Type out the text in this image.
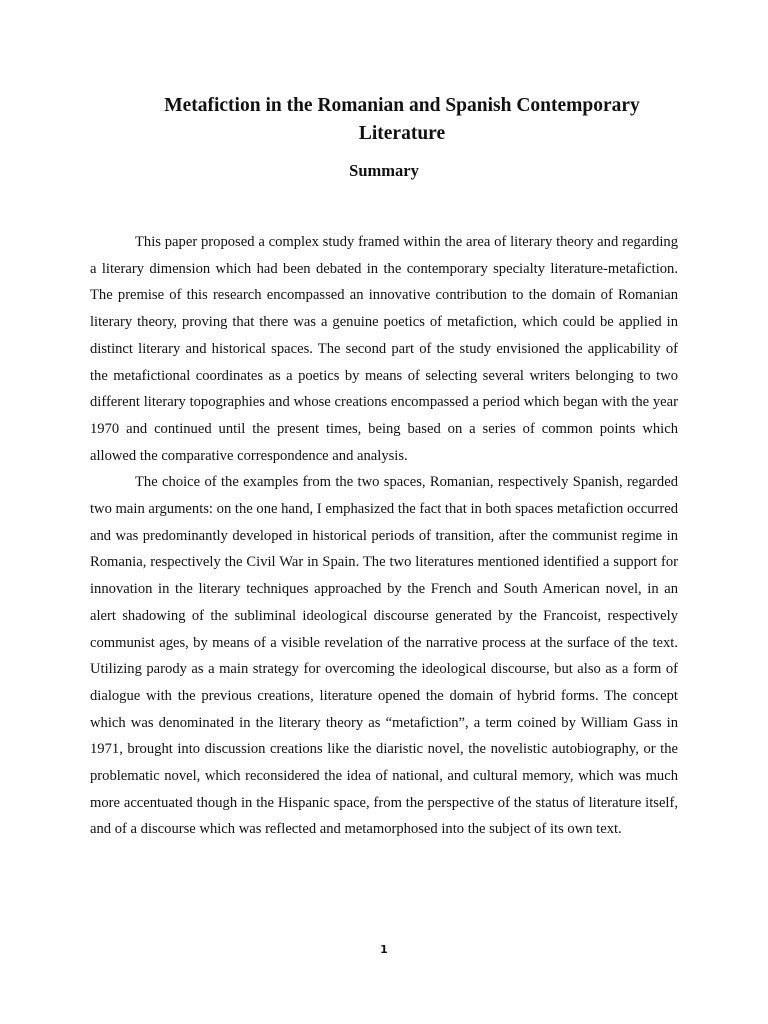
Metafiction in the Romanian and Spanish Contemporary Literature
Summary

This paper proposed a complex study framed within the area of literary theory and regarding a literary dimension which had been debated in the contemporary specialty literature-metafiction. The premise of this research encompassed an innovative contribution to the domain of Romanian literary theory, proving that there was a genuine poetics of metafiction, which could be applied in distinct literary and historical spaces. The second part of the study envisioned the applicability of the metafictional coordinates as a poetics by means of selecting several writers belonging to two different literary topographies and whose creations encompassed a period which began with the year 1970 and continued until the present times, being based on a series of common points which allowed the comparative correspondence and analysis.

The choice of the examples from the two spaces, Romanian, respectively Spanish, regarded two main arguments: on the one hand, I emphasized the fact that in both spaces metafiction occurred and was predominantly developed in historical periods of transition, after the communist regime in Romania, respectively the Civil War in Spain. The two literatures mentioned identified a support for innovation in the literary techniques approached by the French and South American novel, in an alert shadowing of the subliminal ideological discourse generated by the Francoist, respectively communist ages, by means of a visible revelation of the narrative process at the surface of the text. Utilizing parody as a main strategy for overcoming the ideological discourse, but also as a form of dialogue with the previous creations, literature opened the domain of hybrid forms. The concept which was denominated in the literary theory as “metafiction”, a term coined by William Gass in 1971, brought into discussion creations like the diaristic novel, the novelistic autobiography, or the problematic novel, which reconsidered the idea of national, and cultural memory, which was much more accentuated though in the Hispanic space, from the perspective of the status of literature itself, and of a discourse which was reflected and metamorphosed into the subject of its own text.

1
